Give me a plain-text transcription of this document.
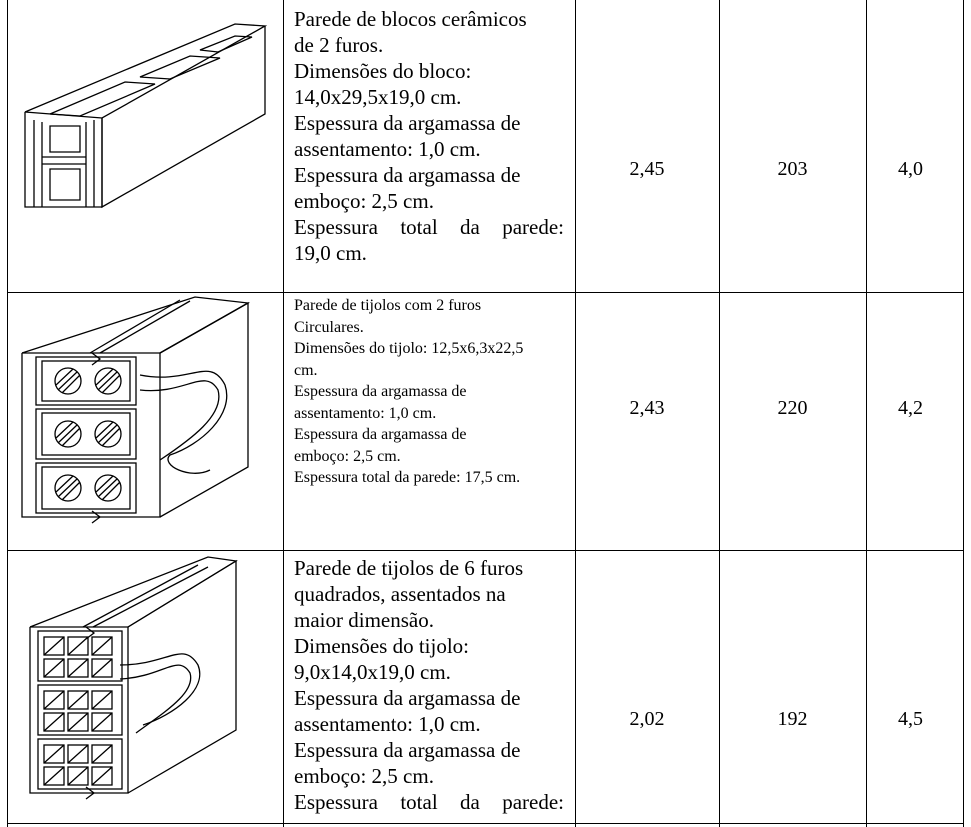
Parede de blocos cerâmicos
de 2 furos.
Dimensões do bloco:
14,0x29,5x19,0 cm.
Espessura da argamassa de
assentamento: 1,0 cm.
Espessura da argamassa de
emboço: 2,5 cm.
Espessura total da parede:
19,0 cm.
2,45	203	4,0
Parede de tijolos com 2 furos
Circulares.
Dimensões do tijolo: 12,5x6,3x22,5
cm.
Espessura da argamassa de
assentamento: 1,0 cm.
Espessura da argamassa de
emboço: 2,5 cm.
Espessura total da parede: 17,5 cm.
2,43	220	4,2
Parede de tijolos de 6 furos
quadrados, assentados na
maior dimensão.
Dimensões do tijolo:
9,0x14,0x19,0 cm.
Espessura da argamassa de
assentamento: 1,0 cm.
Espessura da argamassa de
emboço: 2,5 cm.
Espessura total da parede:
2,02	192	4,5
